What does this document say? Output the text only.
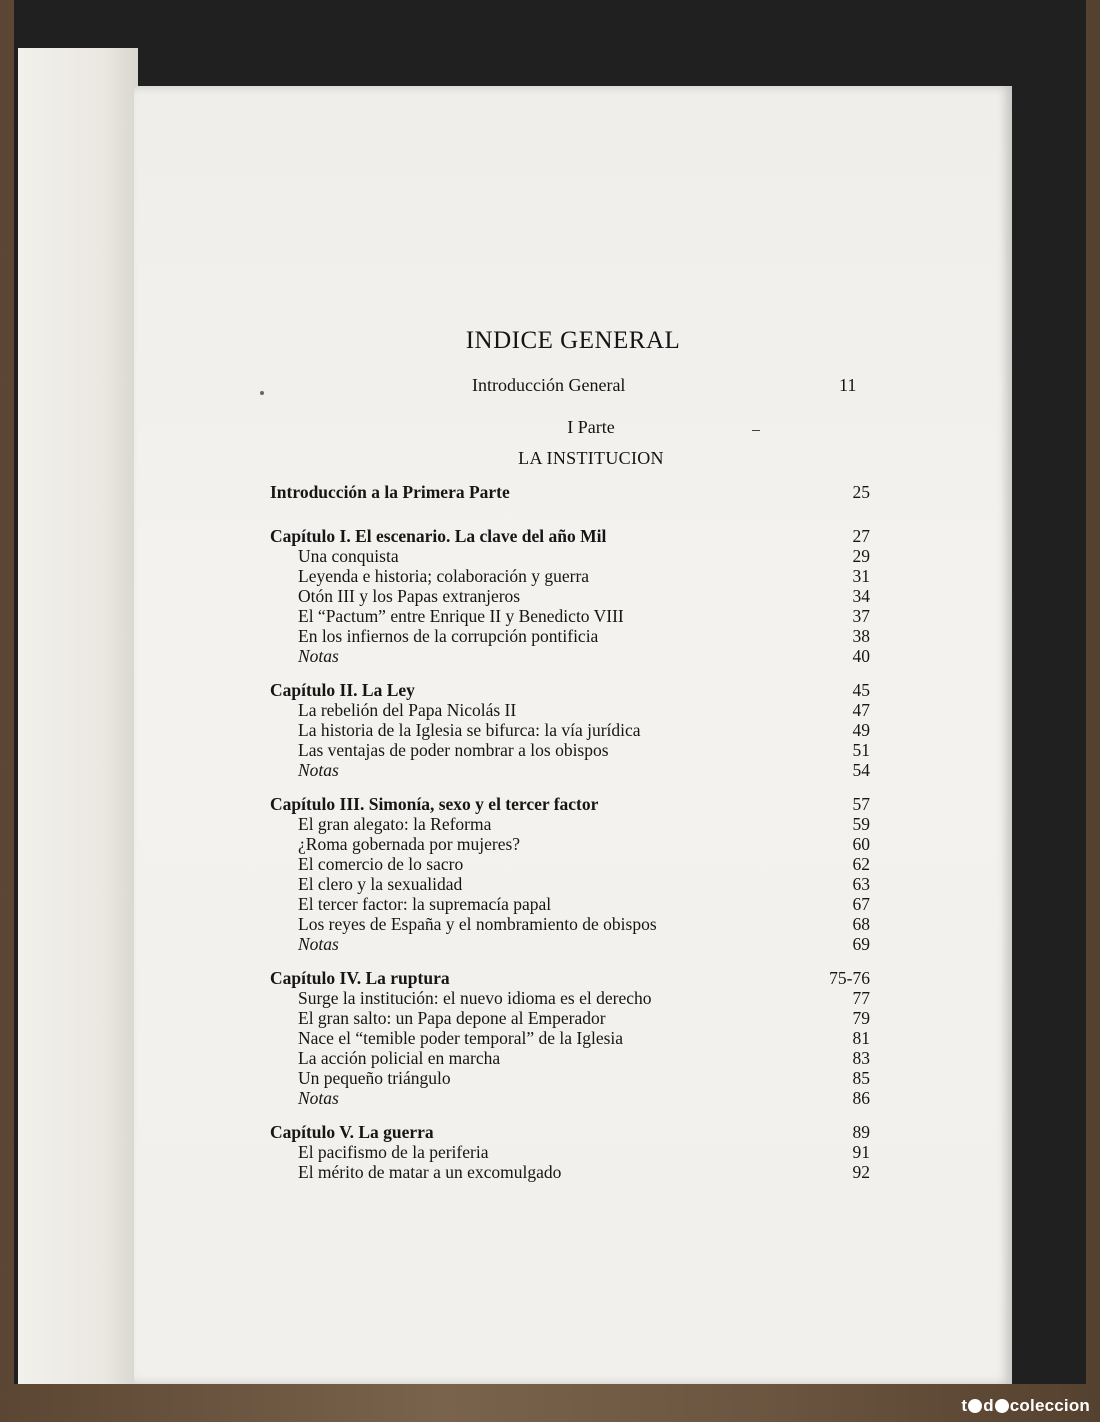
INDICE GENERAL
Introducción General	11
I Parte
LA INSTITUCION
Introducción a la Primera Parte	25
Capítulo I. El escenario. La clave del año Mil	27
Una conquista	29
Leyenda e historia; colaboración y guerra	31
Otón III y los Papas extranjeros	34
El “Pactum” entre Enrique II y Benedicto VIII	37
En los infiernos de la corrupción pontificia	38
Notas	40
Capítulo II. La Ley	45
La rebelión del Papa Nicolás II	47
La historia de la Iglesia se bifurca: la vía jurídica	49
Las ventajas de poder nombrar a los obispos	51
Notas	54
Capítulo III. Simonía, sexo y el tercer factor	57
El gran alegato: la Reforma	59
¿Roma gobernada por mujeres?	60
El comercio de lo sacro	62
El clero y la sexualidad	63
El tercer factor: la supremacía papal	67
Los reyes de España y el nombramiento de obispos	68
Notas	69
Capítulo IV. La ruptura	75-76
Surge la institución: el nuevo idioma es el derecho	77
El gran salto: un Papa depone al Emperador	79
Nace el “temible poder temporal” de la Iglesia	81
La acción policial en marcha	83
Un pequeño triángulo	85
Notas	86
Capítulo V. La guerra	89
El pacifismo de la periferia	91
El mérito de matar a un excomulgado	92
t d coleccion
